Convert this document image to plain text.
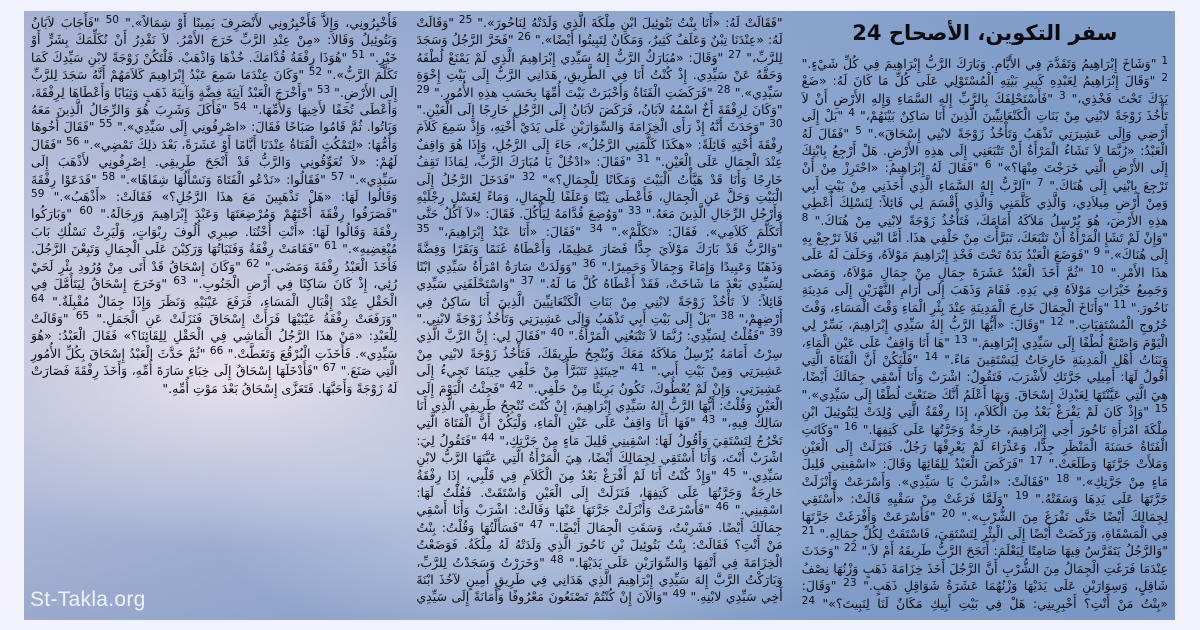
سفر التكوين، الأصحاح 24
$^1$ "وَشَاخَ إِبْرَاهِيمُ وَتَقَدَّمَ فِي الأَيَّامِ. وَبَارَكَ الرَّبُّ إِبْرَاهِيمَ فِي كُلِّ شَيْءٍ." $^2$ "وَقَالَ إِبْرَاهِيمُ لِعَبْدِهِ كَبِيرِ بَيْتِهِ الْمُسْتَوْلِي عَلَى كُلِّ مَا كَانَ لَهُ: «ضَعْ يَدَكَ تَحْتَ فَخْذِي،" $^3$ "فَأَسْتَحْلِفَكَ بِالرَّبِّ إِلهِ السَّمَاءِ وَإِلهِ الأَرْضِ أَنْ لاَ تَأْخُذَ زَوْجَةً لابْنِي مِنْ بَنَاتِ الْكَنْعَانِيِّينَ الَّذِينَ أَنَا سَاكِنٌ بَيْنَهُمْ،" $^4$ "بَلْ إِلَى أَرْضِي وَإِلَى عَشِيرَتِي تَذْهَبُ وَتَأْخُذُ زَوْجَةً لابْنِي إِسْحَاقَ»." $^5$ "فَقَالَ لَهُ الْعَبْدُ: «رُبَّمَا لاَ تَشَاءُ الْمَرْأَةُ أَنْ تَتْبَعَنِي إِلَى هذِهِ الأَرْضِ. هَلْ أَرْجِعُ بِابْنِكَ إِلَى الأَرْضِ الَّتِي خَرَجْتَ مِنْهَا؟»" $^6$ "فَقَالَ لَهُ إِبْرَاهِيمُ: «احْتَرِزْ مِنْ أَنْ تَرْجِعَ بِابْنِي إِلَى هُنَاكَ." $^7$ "اَلرَّبُّ إِلهُ السَّمَاءِ الَّذِي أَخَذَنِي مِنْ بَيْتِ أَبِي وَمِنْ أَرْضِ مِيلاَدِي، وَالَّذِي كَلَّمَنِي وَالَّذِي أَقْسَمَ لِي قَائِلاً: لِنَسْلِكَ أُعْطِي هذِهِ الأَرْضَ، هُوَ يُرْسِلُ مَلاَكَهُ أَمَامَكَ، فَتَأْخُذُ زَوْجَةً لابْنِي مِنْ هُنَاكَ." $^8$ "وَإِنْ لَمْ تَشَإِ الْمَرْأَةُ أَنْ تَتْبَعَكَ، تَبَرَّأْتَ مِنْ حَلْفِي هذَا. أَمَّا ابْنِي فَلاَ تَرْجِعْ بِهِ إِلَى هُنَاكَ»." $^9$ "فَوَضَعَ الْعَبْدُ يَدَهُ تَحْتَ فَخْذِ إِبْرَاهِيمَ مَوْلاَهُ، وَحَلَفَ لَهُ عَلَى هذَا الأَمْرِ." $^{10}$ "ثُمَّ أَخَذَ الْعَبْدُ عَشَرَةَ جِمَالٍ مِنْ جِمَالِ مَوْلاَهُ، وَمَضَى وَجَمِيعُ خَيْرَاتِ مَوْلاَهُ فِي يَدِهِ. فَقَامَ وَذَهَبَ إِلَى أَرَامِ النَّهْرَيْنِ إِلَى مَدِينَةِ نَاحُورَ." $^{11}$ "وَأَنَاخَ الْجِمَالَ خَارِجَ الْمَدِينَةِ عِنْدَ بِئْرِ الْمَاءِ وَقْتَ الْمَسَاءِ، وَقْتَ خُرُوجِ الْمُسْتَقِيَاتِ." $^{12}$ "وَقَالَ: «أَيُّهَا الرَّبُّ إِلهُ سَيِّدِي إِبْرَاهِيمَ، يَسِّرْ لِي الْيَوْمَ وَاصْنَعْ لُطْفًا إِلَى سَيِّدِي إِبْرَاهِيمَ." $^{13}$ "هَا أَنَا وَاقِفٌ عَلَى عَيْنِ الْمَاءِ، وَبَنَاتُ أَهْلِ الْمَدِينَةِ خَارِجَاتٌ لِيَسْتَقِينَ مَاءً." $^{14}$ "فَلْيَكُنْ أَنَّ الْفَتَاةَ الَّتِي أَقُولُ لَهَا: أَمِيلِي جَرَّتَكِ لأَشْرَبَ، فَتَقُولُ: اشْرَبْ وَأَنَا أَسْقِي جِمَالَكَ أَيْضًا، هِيَ الَّتِي عَيَّنْتَهَا لِعَبْدِكَ إِسْحَاقَ. وَبِهَا أَعْلَمُ أَنَّكَ صَنَعْتَ لُطْفًا إِلَى سَيِّدِي»." $^{15}$ "وَإِذْ كَانَ لَمْ يَفْرَغْ بَعْدُ مِنَ الْكَلاَمِ، إِذَا رِفْقَةُ الَّتِي وُلِدَتْ لِبَتُوئِيلَ ابْنِ مِلْكَةَ امْرَأَةِ نَاحُورَ أَخِي إِبْرَاهِيمَ، خَارِجَةٌ وَجَرَّتُهَا عَلَى كَتِفِهَا." $^{16}$ "وَكَانَتِ الْفَتَاةُ حَسَنَةَ الْمَنْظَرِ جِدًّا، وَعَذْرَاءَ لَمْ يَعْرِفْهَا رَجُلٌ. فَنَزَلَتْ إِلَى الْعَيْنِ وَمَلأَتْ جَرَّتَهَا وَطَلَعَتْ." $^{17}$ "فَرَكَضَ الْعَبْدُ لِلِقَائِهَا وَقَالَ: «اسْقِينِي قَلِيلَ مَاءٍ مِنْ جَرَّتِكِ»." $^{18}$ "فَقَالَتْ: «اشْرَبْ يَا سَيِّدِي». وَأَسْرَعَتْ وَأَنْزَلَتْ جَرَّتَهَا عَلَى يَدِهَا وَسَقَتْهُ." $^{19}$ "وَلَمَّا فَرَغَتْ مِنْ سَقْيِهِ قَالَتْ: «أَسْتَقِي لِجِمَالِكَ أَيْضًا حَتَّى تَفْرَغَ مِنَ الشُّرْبِ»." $^{20}$ "فَأَسْرَعَتْ وَأَفْرَغَتْ جَرَّتَهَا فِي الْمَسْقَاةِ، وَرَكَضَتْ أَيْضًا إِلَى الْبِئْرِ لِتَسْتَقِيَ، فَاسْتَقَتْ لِكُلِّ جِمَالِهِ." $^{21}$ "وَالرَّجُلُ يَتَفَرَّسُ فِيهَا صَامِتًا لِيَعْلَمَ: أَنَجَحَ الرَّبُّ طَرِيقَهُ أَمْ لاَ." $^{22}$ "وَحَدَثَ عِنْدَمَا فَرَغَتِ الْجِمَالُ مِنَ الشُّرْبِ أَنَّ الرَّجُلَ أَخَذَ خِزَامَةَ ذَهَبٍ وَزْنُهَا نِصْفُ شَاقِلٍ، وَسِوَارَيْنِ عَلَى يَدَيْهَا وَزْنُهُمَا عَشَرَةُ شَوَاقِلِ ذَهَبٍ." $^{23}$ "وَقَالَ: «بِنْتُ مَنْ أَنْتِ؟ أَخْبِرِينِي: هَلْ فِي بَيْتِ أَبِيكِ مَكَانٌ لَنَا لِنَبِيتَ؟»" $^{24}$ "فَقَالَتْ لَهُ: «أَنَا بِنْتُ بَتُوئِيلَ ابْنِ مِلْكَةَ الَّذِي وَلَدَتْهُ لِنَاحُورَ»." $^{25}$ "وَقَالَتْ لَهُ: «عِنْدَنَا تِبْنٌ وَعَلَفٌ كَثِيرٌ، وَمَكَانٌ لِتَبِيتُوا أَيْضًا»." $^{26}$ "فَخَرَّ الرَّجُلُ وَسَجَدَ لِلرَّبِّ،" $^{27}$ "وَقَالَ: «مُبَارَكٌ الرَّبُّ إِلهُ سَيِّدِي إِبْرَاهِيمَ الَّذِي لَمْ يَمْنَعْ لُطْفَهُ وَحَقَّهُ عَنْ سَيِّدِي. إِذْ كُنْتُ أَنَا فِي الطَّرِيقِ، هَدَانِي الرَّبُّ إِلَى بَيْتِ إِخْوَةِ سَيِّدِي»." $^{28}$ "فَرَكَضَتِ الْفَتَاةُ وَأَخْبَرَتْ بَيْتَ أُمِّهَا بِحَسَبِ هذِهِ الأُمُورِ." $^{29}$ "وَكَانَ لِرِفْقَةَ أَخٌ اسْمُهُ لاَبَانُ، فَرَكَضَ لاَبَانُ إِلَى الرَّجُلِ خَارِجًا إِلَى الْعَيْنِ." $^{30}$ "وَحَدَثَ أَنَّهُ إِذْ رَأَى الْخِزَامَةَ وَالسِّوَارَيْنِ عَلَى يَدَيْ أُخْتِهِ، وَإِذْ سَمِعَ كَلاَمَ رِفْقَةَ أُخْتِهِ قَائِلَةً: «هكَذَا كَلَّمَنِي الرَّجُلُ»، جَاءَ إِلَى الرَّجُلِ، وَإِذَا هُوَ وَاقِفٌ عِنْدَ الْجِمَالِ عَلَى الْعَيْنِ." $^{31}$ "فَقَالَ: «ادْخُلْ يَا مُبَارَكَ الرَّبِّ، لِمَاذَا تَقِفُ خَارِجًا وَأَنَا قَدْ هَيَّأْتُ الْبَيْتَ وَمَكَانًا لِلْجِمَالِ؟»" $^{32}$ "فَدَخَلَ الرَّجُلُ إِلَى الْبَيْتِ وَحَلَّ عَنِ الْجِمَالِ، فَأَعْطَى تِبْنًا وَعَلَفًا لِلْجِمَالِ، وَمَاءً لِغَسْلِ رِجْلَيْهِ وَأَرْجُلِ الرِّجَالِ الَّذِينَ مَعَهُ." $^{33}$ "وَوُضِعَ قُدَّامَهُ لِيَأْكُلَ. فَقَالَ: «لاَ آكُلُ حَتَّى أَتَكَلَّمَ كَلاَمِي». فَقَالَ: «تَكَلَّمْ»." $^{34}$ "فَقَالَ: «أَنَا عَبْدُ إِبْرَاهِيمَ،" $^{35}$ "وَالرَّبُّ قَدْ بَارَكَ مَوْلاَيَ جِدًّا فَصَارَ عَظِيمًا، وَأَعْطَاهُ غَنَمًا وَبَقَرًا وَفِضَّةً وَذَهَبًا وَعَبِيدًا وَإِمَاءً وَجِمَالاً وَحَمِيرًا." $^{36}$ "وَوَلَدَتْ سَارَةُ امْرَأَةُ سَيِّدِي ابْنًا لِسَيِّدِي بَعْدَ مَا شَاخَتْ، فَقَدْ أَعْطَاهُ كُلَّ مَا لَهُ." $^{37}$ "وَاسْتَحْلَفَنِي سَيِّدِي قَائِلاً: لاَ تَأْخُذْ زَوْجَةً لابْنِي مِنْ بَنَاتِ الْكَنْعَانِيِّينَ الَّذِينَ أَنَا سَاكِنٌ فِي أَرْضِهِمْ،" $^{38}$ "بَلْ إِلَى بَيْتِ أَبِي تَذْهَبُ وَإِلَى عَشِيرَتِي وَتَأْخُذُ زَوْجَةً لابْنِي." $^{39}$ "فَقُلْتُ لِسَيِّدِي: رُبَّمَا لاَ تَتْبَعُنِي الْمَرْأَةُ." $^{40}$ "فَقَالَ لِي: إِنَّ الرَّبَّ الَّذِي سِرْتُ أَمَامَهُ يُرْسِلُ مَلاَكَهُ مَعَكَ وَيُنْجِحُ طَرِيقَكَ، فَتَأْخُذُ زَوْجَةً لابْنِي مِنْ عَشِيرَتِي وَمِنْ بَيْتِ أَبِي." $^{41}$ "حِينَئِذٍ تَتَبَرَّأُ مِنْ حَلْفِي حِينَمَا تَجِيءُ إِلَى عَشِيرَتِي. وَإِنْ لَمْ يُعْطُوكَ، تَكُونُ بَرِيئًا مِنْ حَلْفِي." $^{42}$ "فَجِئْتُ الْيَوْمَ إِلَى الْعَيْنِ وَقُلْتُ: أَيُّهَا الرَّبُّ إِلهُ سَيِّدِي إِبْرَاهِيمَ، إِنْ كُنْتَ تُنْجِحُ طَرِيقِي الَّذِي أَنَا سَالِكٌ فِيهِ،" $^{43}$ "فَهَا أَنَا وَاقِفٌ عَلَى عَيْنِ الْمَاءِ، وَلْيَكُنْ أَنَّ الْفَتَاةَ الَّتِي تَخْرُجُ لِتَسْتَقِيَ وَأَقُولُ لَهَا: اسْقِينِي قَلِيلَ مَاءٍ مِنْ جَرَّتِكِ،" $^{44}$ "فَتَقُولُ لِيَ: اشْرَبْ أَنْتَ، وَأَنَا أَسْتَقِي لِجِمَالِكَ أَيْضًا، هِيَ الْمَرْأَةُ الَّتِي عَيَّنَهَا الرَّبُّ لابْنِ سَيِّدِي." $^{45}$ "وَإِذْ كُنْتُ أَنَا لَمْ أَفْرَغْ بَعْدُ مِنَ الْكَلاَمِ فِي قَلْبِي، إِذَا رِفْقَةُ خَارِجَةٌ وَجَرَّتُهَا عَلَى كَتِفِهَا، فَنَزَلَتْ إِلَى الْعَيْنِ وَاسْتَقَتْ. فَقُلْتُ لَهَا: اسْقِينِي." $^{46}$ "فَأَسْرَعَتْ وَأَنْزَلَتْ جَرَّتَهَا عَنْهَا وَقَالَتْ: اشْرَبْ وَأَنَا أَسْقِي جِمَالَكَ أَيْضًا. فَشَرِبْتُ، وَسَقَتِ الْجِمَالَ أَيْضًا." $^{47}$ "فَسَأَلْتُهَا وَقُلْتُ: بِنْتُ مَنْ أَنْتِ؟ فَقَالَتْ: بِنْتُ بَتُوئِيلَ بْنِ نَاحُورَ الَّذِي وَلَدَتْهُ لَهُ مِلْكَةُ. فَوَضَعْتُ الْخِزَامَةَ فِي أَنْفِهَا وَالسِّوَارَيْنِ عَلَى يَدَيْهَا." $^{48}$ "وَخَرَرْتُ وَسَجَدْتُ لِلرَّبِّ، وَبَارَكْتُ الرَّبَّ إِلهَ سَيِّدِي إِبْرَاهِيمَ الَّذِي هَدَانِي فِي طَرِيقٍ أَمِينٍ لآخُذَ ابْنَةَ أَخِي سَيِّدِي لابْنِهِ." $^{49}$ "وَالآنَ إِنْ كُنْتُمْ تَصْنَعُونَ مَعْرُوفًا وَأَمَانَةً إِلَى سَيِّدِي فَأَخْبِرُونِي، وَإِلاَّ فَأَخْبِرُونِي لأَنْصَرِفَ يَمِينًا أَوْ شِمَالاً»." $^{50}$ "فَأَجَابَ لاَبَانُ وَبَتُوئِيلُ وَقَالاَ: «مِنْ عِنْدِ الرَّبِّ خَرَجَ الأَمْرُ. لاَ نَقْدِرُ أَنْ نُكَلِّمَكَ بِشَرٍّ أَوْ خَيْرٍ." $^{51}$ "هُوَذَا رِفْقَةُ قُدَّامَكَ. خُذْهَا وَاذْهَبْ. فَلْتَكُنْ زَوْجَةً لابْنِ سَيِّدِكَ كَمَا تَكَلَّمَ الرَّبُّ»." $^{52}$ "وَكَانَ عِنْدَمَا سَمِعَ عَبْدُ إِبْرَاهِيمَ كَلاَمَهُمْ أَنَّهُ سَجَدَ لِلرَّبِّ إِلَى الأَرْضِ." $^{53}$ "وَأَخْرَجَ الْعَبْدُ آنِيَةَ فِضَّةٍ وَآنِيَةَ ذَهَبٍ وَثِيَابًا وَأَعْطَاهَا لِرِفْقَةَ، وَأَعْطَى تُحَفًا لأَخِيهَا وَلأُمِّهَا." $^{54}$ "فَأَكَلَ وَشَرِبَ هُوَ وَالرِّجَالُ الَّذِينَ مَعَهُ وَبَاتُوا. ثُمَّ قَامُوا صَبَاحًا فَقَالَ: «اصْرِفُونِي إِلَى سَيِّدِي»." $^{55}$ "فَقَالَ أَخُوهَا وَأُمُّهَا: «لِتَمْكُثِ الْفَتَاةُ عِنْدَنَا أَيَّامًا أَوْ عَشَرَةً، بَعْدَ ذلِكَ تَمْضِي»." $^{56}$ "فَقَالَ لَهُمْ: «لاَ تُعَوِّقُونِي وَالرَّبُّ قَدْ أَنْجَحَ طَرِيقِي. اِصْرِفُونِي لأَذْهَبَ إِلَى سَيِّدِي»." $^{57}$ "فَقَالُوا: «نَدْعُو الْفَتَاةَ وَنَسْأَلُهَا شِفَاهًا»." $^{58}$ "فَدَعَوْا رِفْقَةَ وَقَالُوا لَهَا: «هَلْ تَذْهَبِينَ مَعَ هذَا الرَّجُلِ؟» فَقَالَتْ: «أَذْهَبُ»." $^{59}$ "فَصَرَفُوا رِفْقَةَ أُخْتَهُمْ وَمُرْضِعَتَهَا وَعَبْدَ إِبْرَاهِيمَ وَرِجَالَهُ." $^{60}$ "وَبَارَكُوا رِفْقَةَ وَقَالُوا لَهَا: «أَنْتِ أُخْتُنَا. صِيرِي أُلُوفَ رِبْوَاتٍ، وَلْيَرِثْ نَسْلُكِ بَابَ مُبْغِضِيهِ»." $^{61}$ "فَقَامَتْ رِفْقَةُ وَفَتَيَاتُهَا وَرَكِبْنَ عَلَى الْجِمَالِ وَتَبِعْنَ الرَّجُلَ. فَأَخَذَ الْعَبْدُ رِفْقَةَ وَمَضَى." $^{62}$ "وَكَانَ إِسْحَاقُ قَدْ أَتَى مِنْ وُرُودِ بِئْرِ لَحَيْ رُئِي، إِذْ كَانَ سَاكِنًا فِي أَرْضِ الْجَنُوبِ." $^{63}$ "وَخَرَجَ إِسْحَاقُ لِيَتَأَمَّلَ فِي الْحَقْلِ عِنْدَ إِقْبَالِ الْمَسَاءِ، فَرَفَعَ عَيْنَيْهِ وَنَظَرَ وَإِذَا جِمَالٌ مُقْبِلَةٌ." $^{64}$ "وَرَفَعَتْ رِفْقَةُ عَيْنَيْهَا فَرَأَتْ إِسْحَاقَ فَنَزَلَتْ عَنِ الْجَمَلِ." $^{65}$ "وَقَالَتْ لِلْعَبْدِ: «مَنْ هذَا الرَّجُلُ الْمَاشِي فِي الْحَقْلِ لِلِقَائِنَا؟» فَقَالَ الْعَبْدُ: «هُوَ سَيِّدِي». فَأَخَذَتِ الْبُرْقُعَ وَتَغَطَّتْ." $^{66}$ "ثُمَّ حَدَّثَ الْعَبْدُ إِسْحَاقَ بِكُلِّ الأُمُورِ الَّتِي صَنَعَ." $^{67}$ "فَأَدْخَلَهَا إِسْحَاقُ إِلَى خِبَاءِ سَارَةَ أُمِّهِ، وَأَخَذَ رِفْقَةَ فَصَارَتْ لَهُ زَوْجَةً وَأَحَبَّهَا. فَتَعَزَّى إِسْحَاقُ بَعْدَ مَوْتِ أُمِّهِ."
St-Takla.org
